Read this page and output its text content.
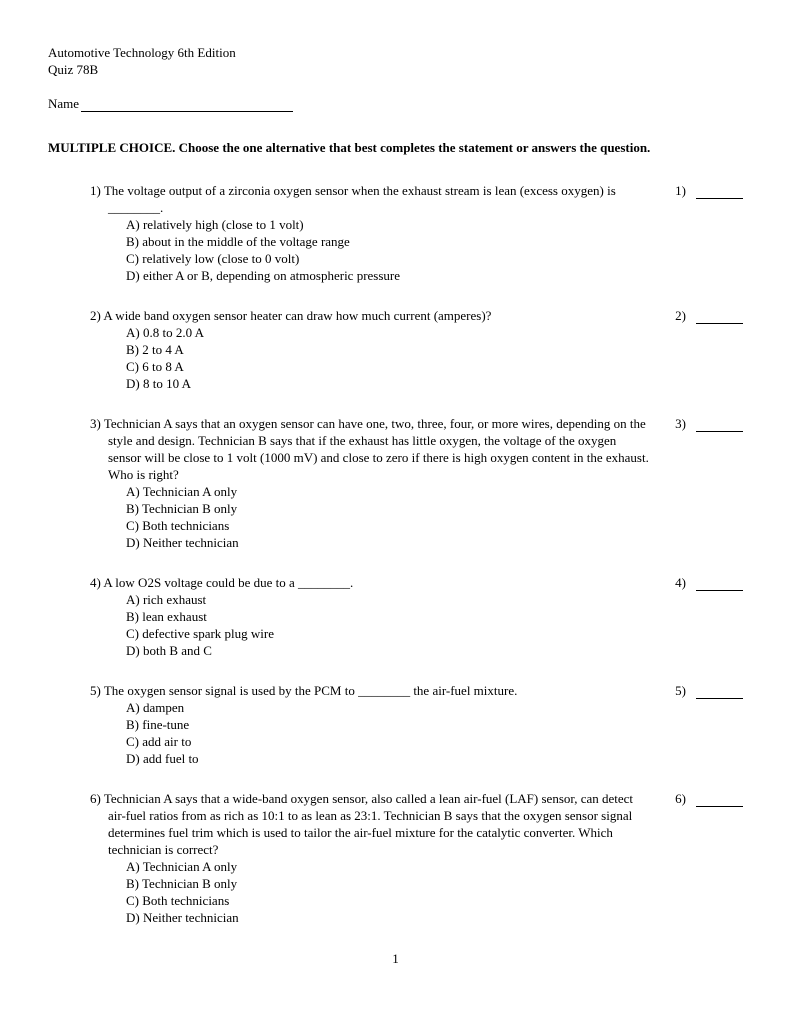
Automotive Technology 6th Edition
Quiz 78B
Name
MULTIPLE CHOICE. Choose the one alternative that best completes the statement or answers the question.
1) The voltage output of a zirconia oxygen sensor when the exhaust stream is lean (excess oxygen) is ________.
A) relatively high (close to 1 volt)
B) about in the middle of the voltage range
C) relatively low (close to 0 volt)
D) either A or B, depending on atmospheric pressure
1)
2) A wide band oxygen sensor heater can draw how much current (amperes)?
A) 0.8 to 2.0 A
B) 2 to 4 A
C) 6 to 8 A
D) 8 to 10 A
2)
3) Technician A says that an oxygen sensor can have one, two, three, four, or more wires, depending on the style and design. Technician B says that if the exhaust has little oxygen, the voltage of the oxygen sensor will be close to 1 volt (1000 mV) and close to zero if there is high oxygen content in the exhaust. Who is right?
A) Technician A only
B) Technician B only
C) Both technicians
D) Neither technician
3)
4) A low O2S voltage could be due to a ________.
A) rich exhaust
B) lean exhaust
C) defective spark plug wire
D) both B and C
4)
5) The oxygen sensor signal is used by the PCM to ________ the air-fuel mixture.
A) dampen
B) fine-tune
C) add air to
D) add fuel to
5)
6) Technician A says that a wide-band oxygen sensor, also called a lean air-fuel (LAF) sensor, can detect air-fuel ratios from as rich as 10:1 to as lean as 23:1. Technician B says that the oxygen sensor signal determines fuel trim which is used to tailor the air-fuel mixture for the catalytic converter. Which technician is correct?
A) Technician A only
B) Technician B only
C) Both technicians
D) Neither technician
6)
1
